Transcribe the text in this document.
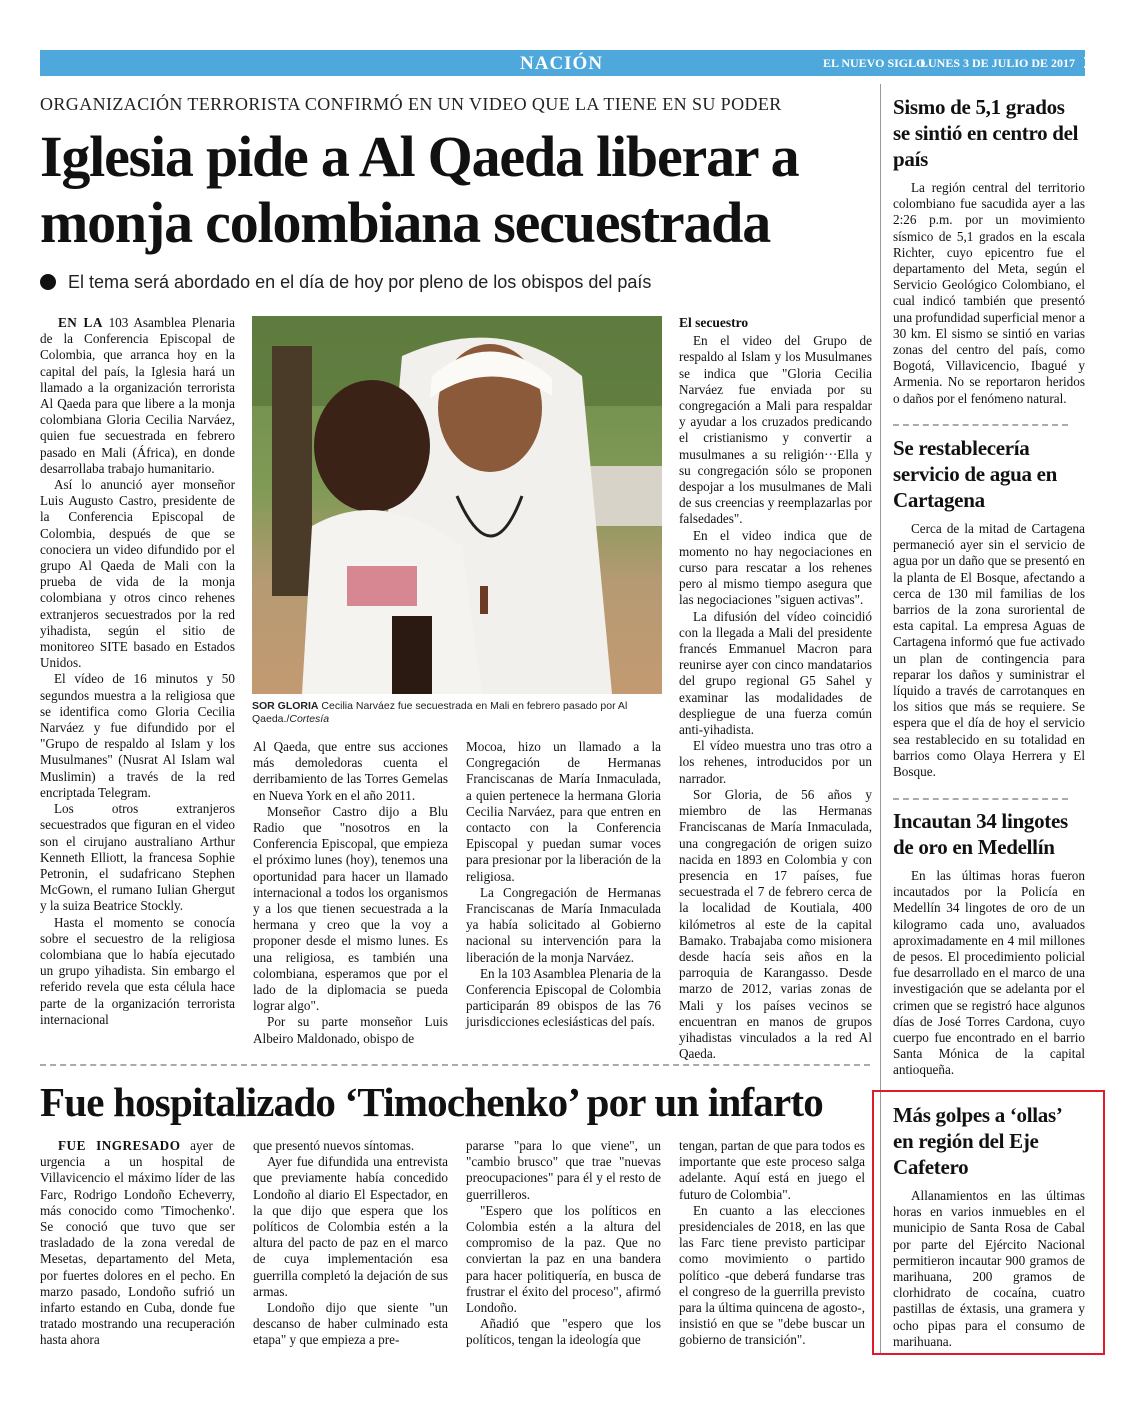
NACIÓN	EL NUEVO SIGLO
LUNES 3 DE JULIO DE 2017 1B
ORGANIZACIÓN TERRORISTA CONFIRMÓ EN UN VIDEO QUE LA TIENE EN SU PODER
Iglesia pide a Al Qaeda liberar a
monja colombiana secuestrada
El tema será abordado en el día de hoy por pleno de los obispos del país

EN LA 103 Asamblea Plenaria de la Conferencia Episcopal de Colombia, que arranca hoy en la capital del país, la Iglesia hará un llamado a la organización terrorista Al Qaeda para que libere a la monja colombiana Gloria Cecilia Narváez, quien fue secuestrada en febrero pasado en Mali (África), en donde desarrollaba trabajo humanitario.

Así lo anunció ayer monseñor Luis Augusto Castro, presidente de la Conferencia Episcopal de Colombia, después de que se conociera un video difundido por el grupo Al Qaeda de Mali con la prueba de vida de la monja colombiana y otros cinco rehenes extranjeros secuestrados por la red yihadista, según el sitio de monitoreo SITE basado en Estados Unidos.

El vídeo de 16 minutos y 50 segundos muestra a la religiosa que se identifica como Gloria Cecilia Narváez y fue difundido por el "Grupo de respaldo al Islam y los Musulmanes" (Nusrat Al Islam wal Muslimin) a través de la red encriptada Telegram.

Los otros extranjeros secuestrados que figuran en el video son el cirujano australiano Arthur Kenneth Elliott, la francesa Sophie Petronin, el sudafricano Stephen McGown, el rumano Iulian Ghergut y la suiza Beatrice Stockly.

Hasta el momento se conocía sobre el secuestro de la religiosa colombiana que lo había ejecutado un grupo yihadista. Sin embargo el referido revela que esta célula hace parte de la organización terrorista internacional

SOR GLORIA Cecilia Narváez fue secuestrada en Mali en febrero pasado por Al Qaeda./Cortesía

Al Qaeda, que entre sus acciones más demoledoras cuenta el derribamiento de las Torres Gemelas en Nueva York en el año 2011.

Monseñor Castro dijo a Blu Radio que "nosotros en la Conferencia Episcopal, que empieza el próximo lunes (hoy), tenemos una oportunidad para hacer un llamado internacional a todos los organismos y a los que tienen secuestrada a la hermana y creo que la voy a proponer desde el mismo lunes. Es una religiosa, es también una colombiana, esperamos que por el lado de la diplomacia se pueda lograr algo".

Por su parte monseñor Luis Albeiro Maldonado, obispo de

Mocoa, hizo un llamado a la Congregación de Hermanas Franciscanas de María Inmaculada, a quien pertenece la hermana Gloria Cecilia Narváez, para que entren en contacto con la Conferencia Episcopal y puedan sumar voces para presionar por la liberación de la religiosa.

La Congregación de Hermanas Franciscanas de María Inmaculada ya había solicitado al Gobierno nacional su intervención para la liberación de la monja Narváez.

En la 103 Asamblea Plenaria de la Conferencia Episcopal de Colombia participarán 89 obispos de las 76 jurisdicciones eclesiásticas del país.

El secuestro

En el video del Grupo de respaldo al Islam y los Musulmanes se indica que "Gloria Cecilia Narváez fue enviada por su congregación a Mali para respaldar y ayudar a los cruzados predicando el cristianismo y convertir a musulmanes a su religión···Ella y su congregación sólo se proponen despojar a los musulmanes de Mali de sus creencias y reemplazarlas por falsedades".

En el video indica que de momento no hay negociaciones en curso para rescatar a los rehenes pero al mismo tiempo asegura que las negociaciones "siguen activas".

La difusión del vídeo coincidió con la llegada a Mali del presidente francés Emmanuel Macron para reunirse ayer con cinco mandatarios del grupo regional G5 Sahel y examinar las modalidades de despliegue de una fuerza común anti-yihadista.

El vídeo muestra uno tras otro a los rehenes, introducidos por un narrador.

Sor Gloria, de 56 años y miembro de las Hermanas Franciscanas de María Inmaculada, una congregación de origen suizo nacida en 1893 en Colombia y con presencia en 17 países, fue secuestrada el 7 de febrero cerca de la localidad de Koutiala, 400 kilómetros al este de la capital Bamako. Trabajaba como misionera desde hacía seis años en la parroquia de Karangasso. Desde marzo de 2012, varias zonas de Mali y los países vecinos se encuentran en manos de grupos yihadistas vinculados a la red Al Qaeda.

Sismo de 5,1 grados se sintió en centro del país

La región central del territorio colombiano fue sacudida ayer a las 2:26 p.m. por un movimiento sísmico de 5,1 grados en la escala Richter, cuyo epicentro fue el departamento del Meta, según el Servicio Geológico Colombiano, el cual indicó también que presentó una profundidad superficial menor a 30 km. El sismo se sintió en varias zonas del centro del país, como Bogotá, Villavicencio, Ibagué y Armenia. No se reportaron heridos o daños por el fenómeno natural.

Se restablecería servicio de agua en Cartagena

Cerca de la mitad de Cartagena permaneció ayer sin el servicio de agua por un daño que se presentó en la planta de El Bosque, afectando a cerca de 130 mil familias de los barrios de la zona suroriental de esta capital. La empresa Aguas de Cartagena informó que fue activado un plan de contingencia para reparar los daños y suministrar el líquido a través de carrotanques en los sitios que más se requiere. Se espera que el día de hoy el servicio sea restablecido en su totalidad en barrios como Olaya Herrera y El Bosque.

Incautan 34 lingotes de oro en Medellín

En las últimas horas fueron incautados por la Policía en Medellín 34 lingotes de oro de un kilogramo cada uno, avaluados aproximadamente en 4 mil millones de pesos. El procedimiento policial fue desarrollado en el marco de una investigación que se adelanta por el crimen que se registró hace algunos días de José Torres Cardona, cuyo cuerpo fue encontrado en el barrio Santa Mónica de la capital antioqueña.

Más golpes a ‘ollas’ en región del Eje Cafetero

Allanamientos en las últimas horas en varios inmuebles en el municipio de Santa Rosa de Cabal por parte del Ejército Nacional permitieron incautar 900 gramos de marihuana, 200 gramos de clorhidrato de cocaína, cuatro pastillas de éxtasis, una gramera y ocho pipas para el consumo de marihuana.

Fue hospitalizado ‘Timochenko’ por un infarto

FUE INGRESADO ayer de urgencia a un hospital de Villavicencio el máximo líder de las Farc, Rodrigo Londoño Echeverry, más conocido como 'Timochenko'. Se conoció que tuvo que ser trasladado de la zona veredal de Mesetas, departamento del Meta, por fuertes dolores en el pecho. En marzo pasado, Londoño sufrió un infarto estando en Cuba, donde fue tratado mostrando una recuperación hasta ahora

que presentó nuevos síntomas.

Ayer fue difundida una entrevista que previamente había concedido Londoño al diario El Espectador, en la que dijo que espera que los políticos de Colombia estén a la altura del pacto de paz en el marco de cuya implementación esa guerrilla completó la dejación de sus armas.

Londoño dijo que siente "un descanso de haber culminado esta etapa" y que empieza a pre-

pararse "para lo que viene", un "cambio brusco" que trae "nuevas preocupaciones" para él y el resto de guerrilleros.

"Espero que los políticos en Colombia estén a la altura del compromiso de la paz. Que no conviertan la paz en una bandera para hacer politiquería, en busca de frustrar el éxito del proceso", afirmó Londoño.

Añadió que "espero que los políticos, tengan la ideología que

tengan, partan de que para todos es importante que este proceso salga adelante. Aquí está en juego el futuro de Colombia".

En cuanto a las elecciones presidenciales de 2018, en las que las Farc tiene previsto participar como movimiento o partido político -que deberá fundarse tras el congreso de la guerrilla previsto para la última quincena de agosto-, insistió en que se "debe buscar un gobierno de transición".
